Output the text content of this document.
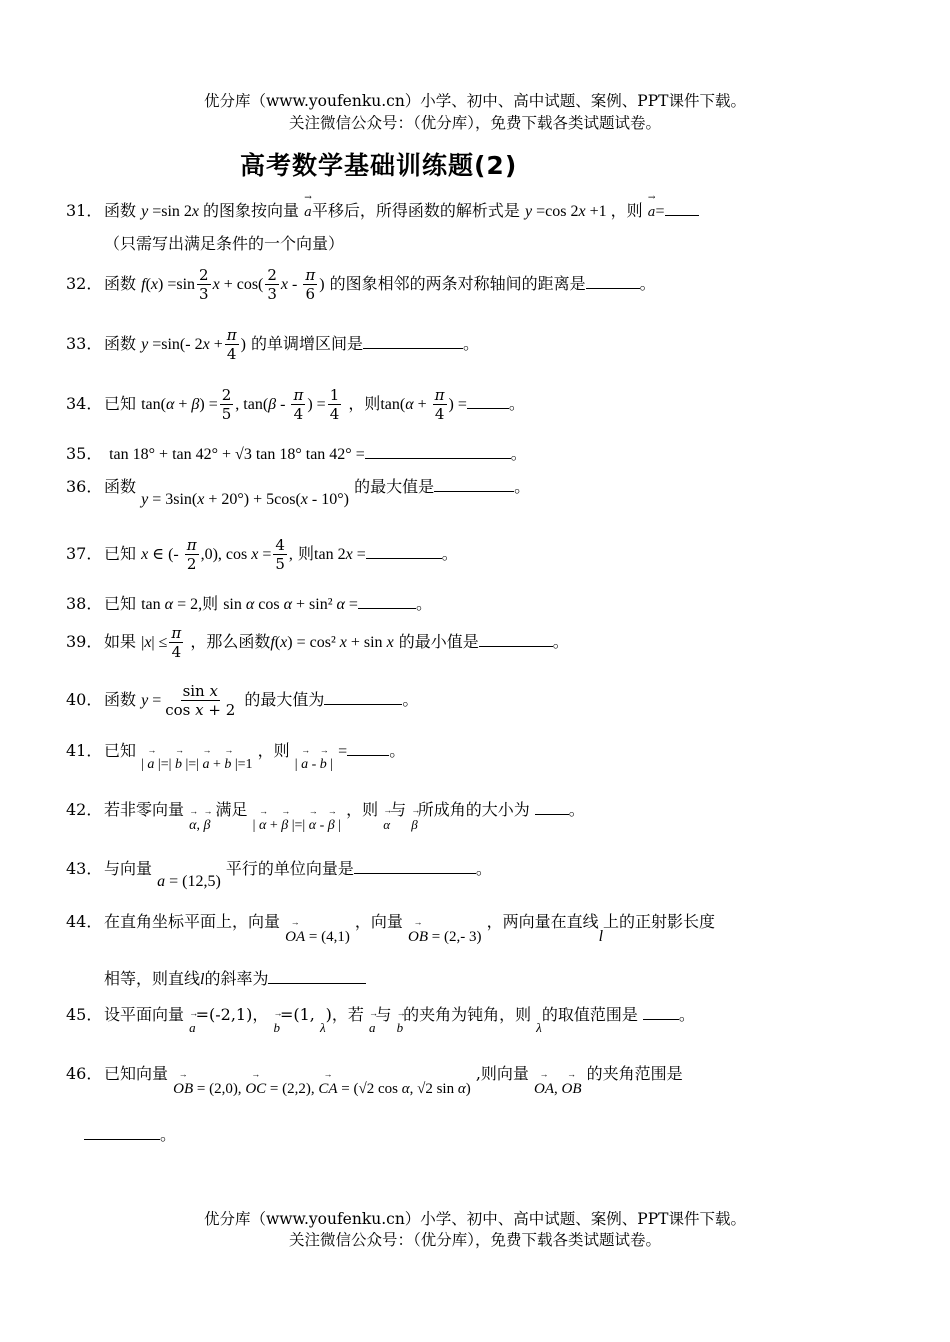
优分库（www.youfenku.cn）小学、初中、高中试题、案例、PPT课件下载。
关注微信公众号：（优分库），免费下载各类试题试卷。
高考数学基础训练题(2)
31． 函数 y =sin 2x 的图象按向量 → a平移后，所得函数的解析式是 y =cos 2x +1 ，则 → a=
（只需写出满足条件的一个向量）
32． 函数 $f(x) =\sin \frac{2}{3}$ $x + \cos( \frac{2}{3}$ x - $\frac{\pi}{6}$ ) 的图象相邻的两条对称轴间的距离是	。
33． 函数 y =sin(- $2x + \frac{\pi}{4}$ ) 的单调增区间是	。
34． 已知 $\tan(\alpha + \beta) = \frac{2}{5}$ , $\tan(\beta - \frac{\pi}{4}$ ) = $\frac{1}{4}$ ，则$\tan(\alpha + \frac{\pi}{4}$ ) =	。
35． tan 18° + tan 42° + √3 tan 18° tan 42° =	。
36． 函数 y = 3sin(x + 20°) + 5cos(x - 10°) 的最大值是	。
37． 已知 x ∈ (- $\frac{\pi}{2} ,0$), $\cos x = \frac{4}{5}$ , 则tan 2x =	。
38． 已知 tan α = 2,则 sin α cos α + sin² α =	。
39． 如果 $|x| \le \frac{\pi}{4}$ ，那么函数f(x) = cos² x + sin x 的最小值是	。
40． 函数 $y = \frac{\text{sin x}}{\text{cos x + 2}}$ 的最大值为	。
41． 已知 | → a |=| → b |=| → a + → b |=1 ，则 | → a - → b | =	。
42． 若非零向量 → α, → β 满足 | → α + → β |=| → α - → β | ，则 → $_\alpha$与 → $_\beta$所成角的大小为 。
43． 与向量 a = (12,5) 平行的单位向量是	。
44． 在直角坐标平面上，向量 → OA = (4,1) ，向量 → OB = (2,- 3) ，两向量在直线l上的正射影长度
相等，则直线l的斜率为
45． 设平面向量 → $_a$=(-2,1)， → $_b$=(1, $_\lambda$)，若 → $_a$与 → $_b$的夹角为钝角，则 $_\lambda$的取值范围是	。
46． 已知向量 → OB = (2,0), → OC = (2,2), → CA = (√2 cos α, √2 sin α) ,则向量 → OA, → OB 的夹角范围是
。
优分库（www.youfenku.cn）小学、初中、高中试题、案例、PPT课件下载。
关注微信公众号：（优分库），免费下载各类试题试卷。
